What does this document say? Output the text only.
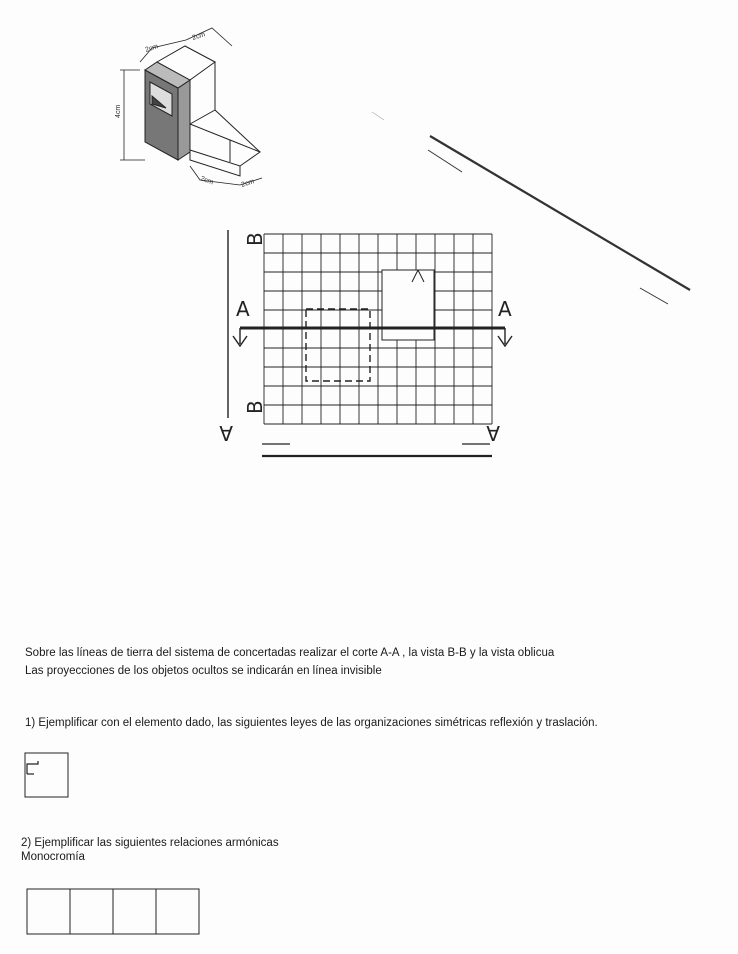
2cm
2cm
4cm
2cm	2cm
B
A	A
B
A	A
Sobre las líneas de tierra del sistema de concertadas realizar el corte A-A , la vista B-B y la vista oblicua
Las proyecciones de los objetos ocultos se indicarán en línea invisible
1) Ejemplificar con el elemento dado, las siguientes leyes de las organizaciones simétricas reflexión y traslación.
2) Ejemplificar las siguientes relaciones armónicas
Monocromía
